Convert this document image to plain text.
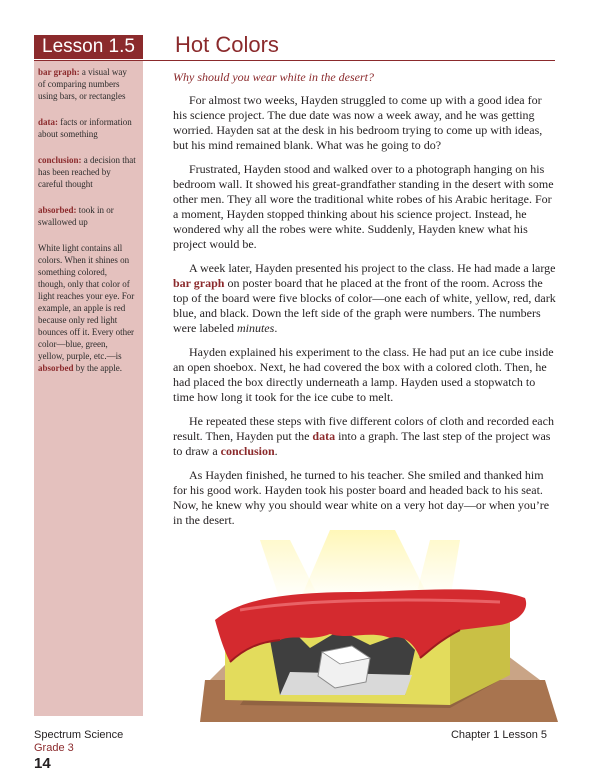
Lesson 1.5	Hot Colors

bar graph: a visual way of comparing numbers using bars, or rectangles

data: facts or information about something

conclusion: a decision that has been reached by careful thought

absorbed: took in or swallowed up

White light contains all colors. When it shines on something colored, though, only that color of light reaches your eye. For example, an apple is red because only red light bounces off it. Every other color—blue, green, yellow, purple, etc.—is absorbed by the apple.

Why should you wear white in the desert?

For almost two weeks, Hayden struggled to come up with a good idea for his science project. The due date was now a week away, and he was getting worried. Hayden sat at the desk in his bedroom trying to come up with ideas, but his mind remained blank. What was he going to do?

Frustrated, Hayden stood and walked over to a photograph hanging on his bedroom wall. It showed his great-grandfather standing in the desert with some other men. They all wore the traditional white robes of his Arabic heritage. For a moment, Hayden stopped thinking about his science project. Instead, he wondered why all the robes were white. Suddenly, Hayden knew what his project would be.

A week later, Hayden presented his project to the class. He had made a large bar graph on poster board that he placed at the front of the room. Across the top of the board were five blocks of color—one each of white, yellow, red, dark blue, and black. Down the left side of the graph were numbers. The numbers were labeled minutes.

Hayden explained his experiment to the class. He had put an ice cube inside an open shoebox. Next, he had covered the box with a colored cloth. Then, he had placed the box directly underneath a lamp. Hayden used a stopwatch to time how long it took for the ice cube to melt.

He repeated these steps with five different colors of cloth and recorded each result. Then, Hayden put the data into a graph. The last step of the project was to draw a conclusion.

As Hayden finished, he turned to his teacher. She smiled and thanked him for his good work. Hayden took his poster board and headed back to his seat. Now, he knew why you should wear white on a very hot day—or when you’re in the desert.

Spectrum Science
Grade 3
14
Chapter 1 Lesson 5
